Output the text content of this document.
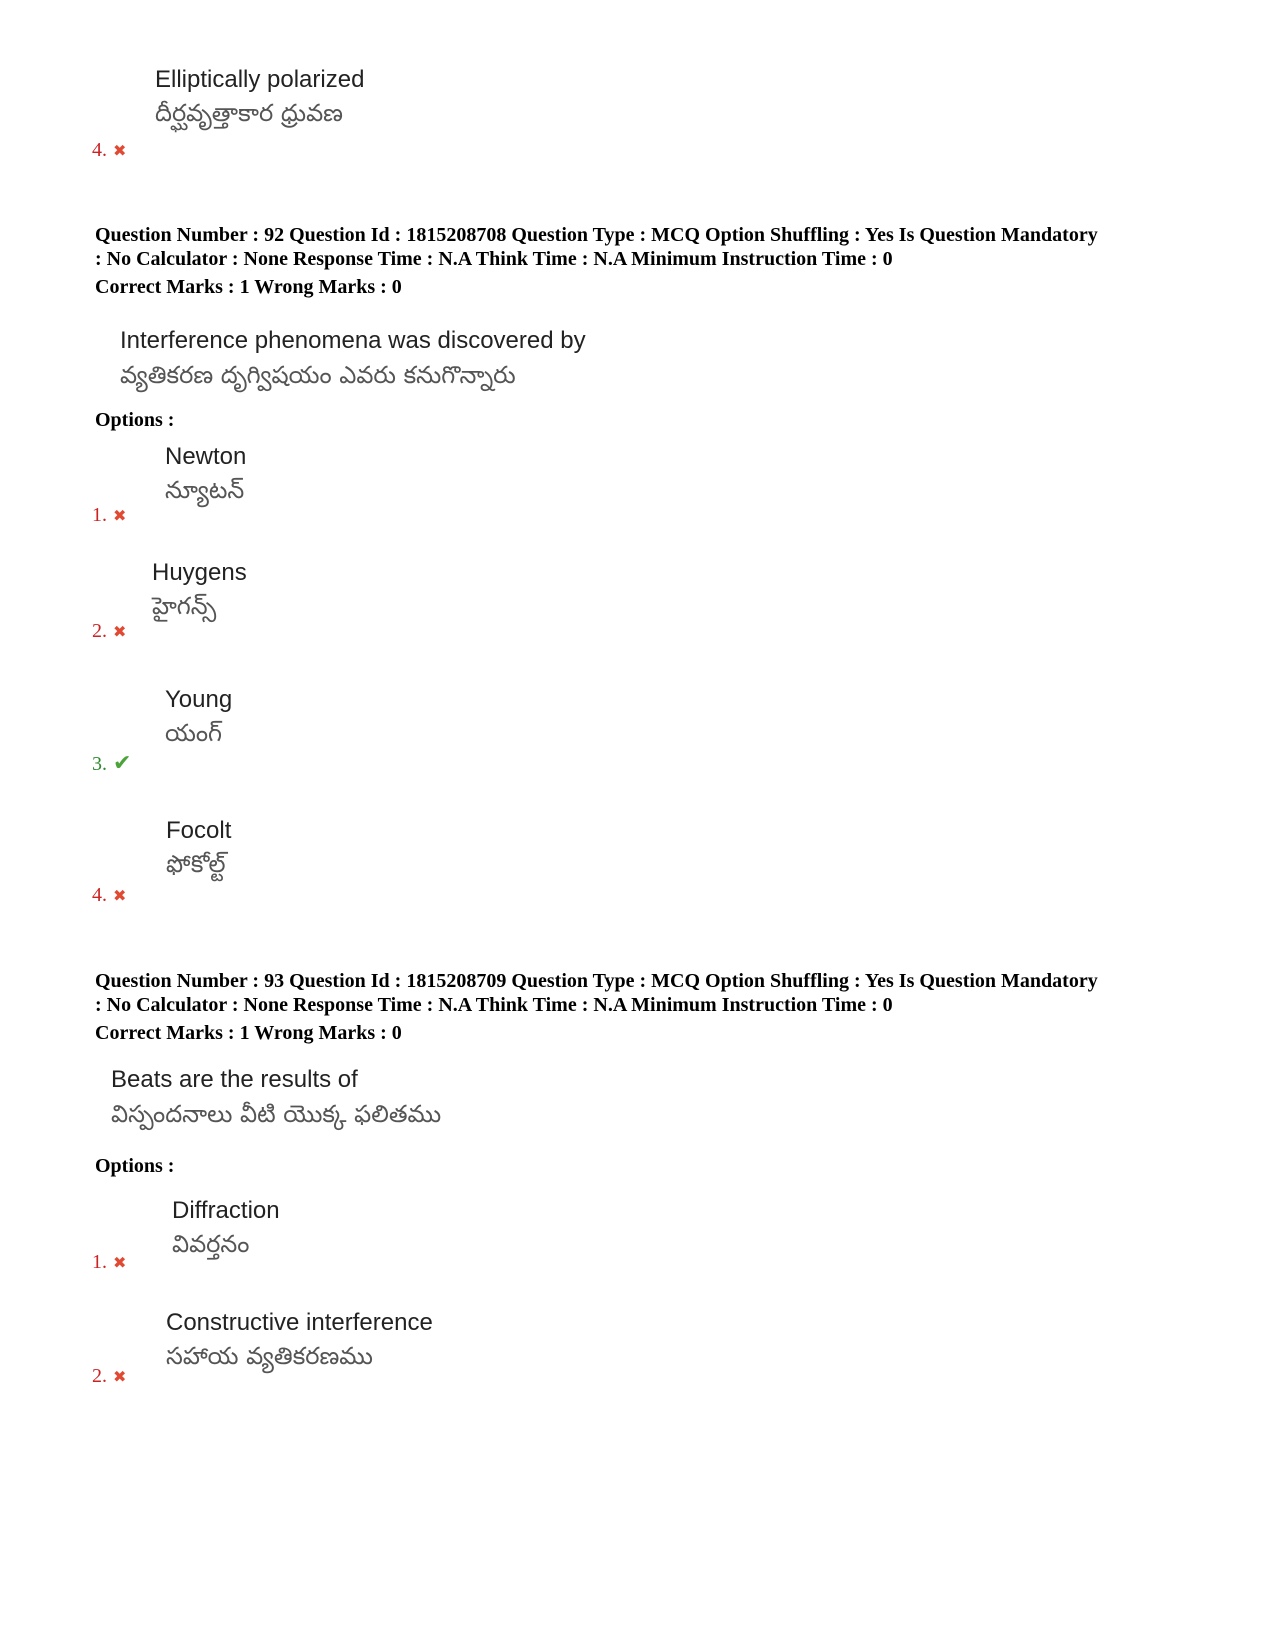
Elliptically polarized
దీర్ఘవృత్తాకార ధ్రువణ
4. ✖
Question Number : 92 Question Id : 1815208708 Question Type : MCQ Option Shuffling : Yes Is Question Mandatory
: No Calculator : None Response Time : N.A Think Time : N.A Minimum Instruction Time : 0
Correct Marks : 1 Wrong Marks : 0
Interference phenomena was discovered by
వ్యతికరణ దృగ్విషయం ఎవరు కనుగొన్నారు
Options :
Newton
న్యూటన్
1. ✖
Huygens
హైగన్స్
2. ✖
Young
యంగ్
3. ✔
Focolt
ఫోకోల్ట్
4. ✖
Question Number : 93 Question Id : 1815208709 Question Type : MCQ Option Shuffling : Yes Is Question Mandatory
: No Calculator : None Response Time : N.A Think Time : N.A Minimum Instruction Time : 0
Correct Marks : 1 Wrong Marks : 0
Beats are the results of
విస్పందనాలు వీటి యొక్క ఫలితము
Options :
Diffraction
వివర్తనం
1. ✖
Constructive interference
సహాయ వ్యతికరణము
2. ✖
